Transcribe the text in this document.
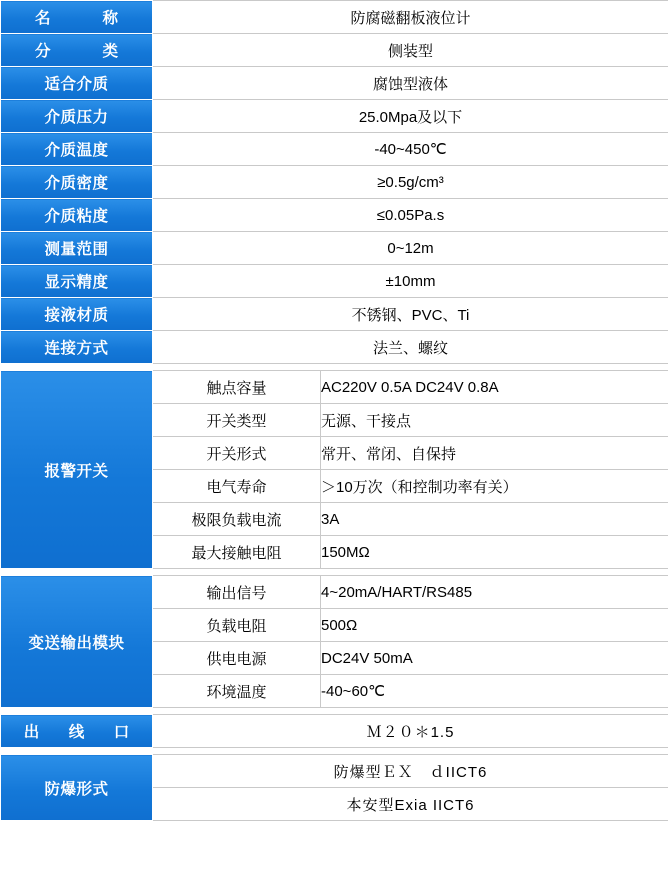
名　　称	防腐磁翻板液位计	
分　　类	侧装型	
适合介质	腐蚀型液体	
介质压力	25.0Mpa及以下	
介质温度	-40~450℃	
介质密度	≥0.5g/cm³	
介质粘度	≤0.05Pa.s	
测量范围	0~12m	
显示精度	±10mm	
接液材质	不锈钢、PVC、Ti	
连接方式	法兰、螺纹	

报警开关	触点容量	AC220V 0.5A DC24V 0.8A
	开关类型	无源、干接点
	开关形式	常开、常闭、自保持
	电气寿命	＞10万次（和控制功率有关）
	极限负载电流	3A
	最大接触电阻	150MΩ

变送输出模块	输出信号	4~20mA/HART/RS485
	负载电阻	500Ω
	供电电源	DC24V 50mA
	环境温度	-40~60℃

出　线　口	Ｍ２０＊1.5	

防爆形式	防爆型ＥＸ　ｄIICT6	
	本安型Exia IICT6	
